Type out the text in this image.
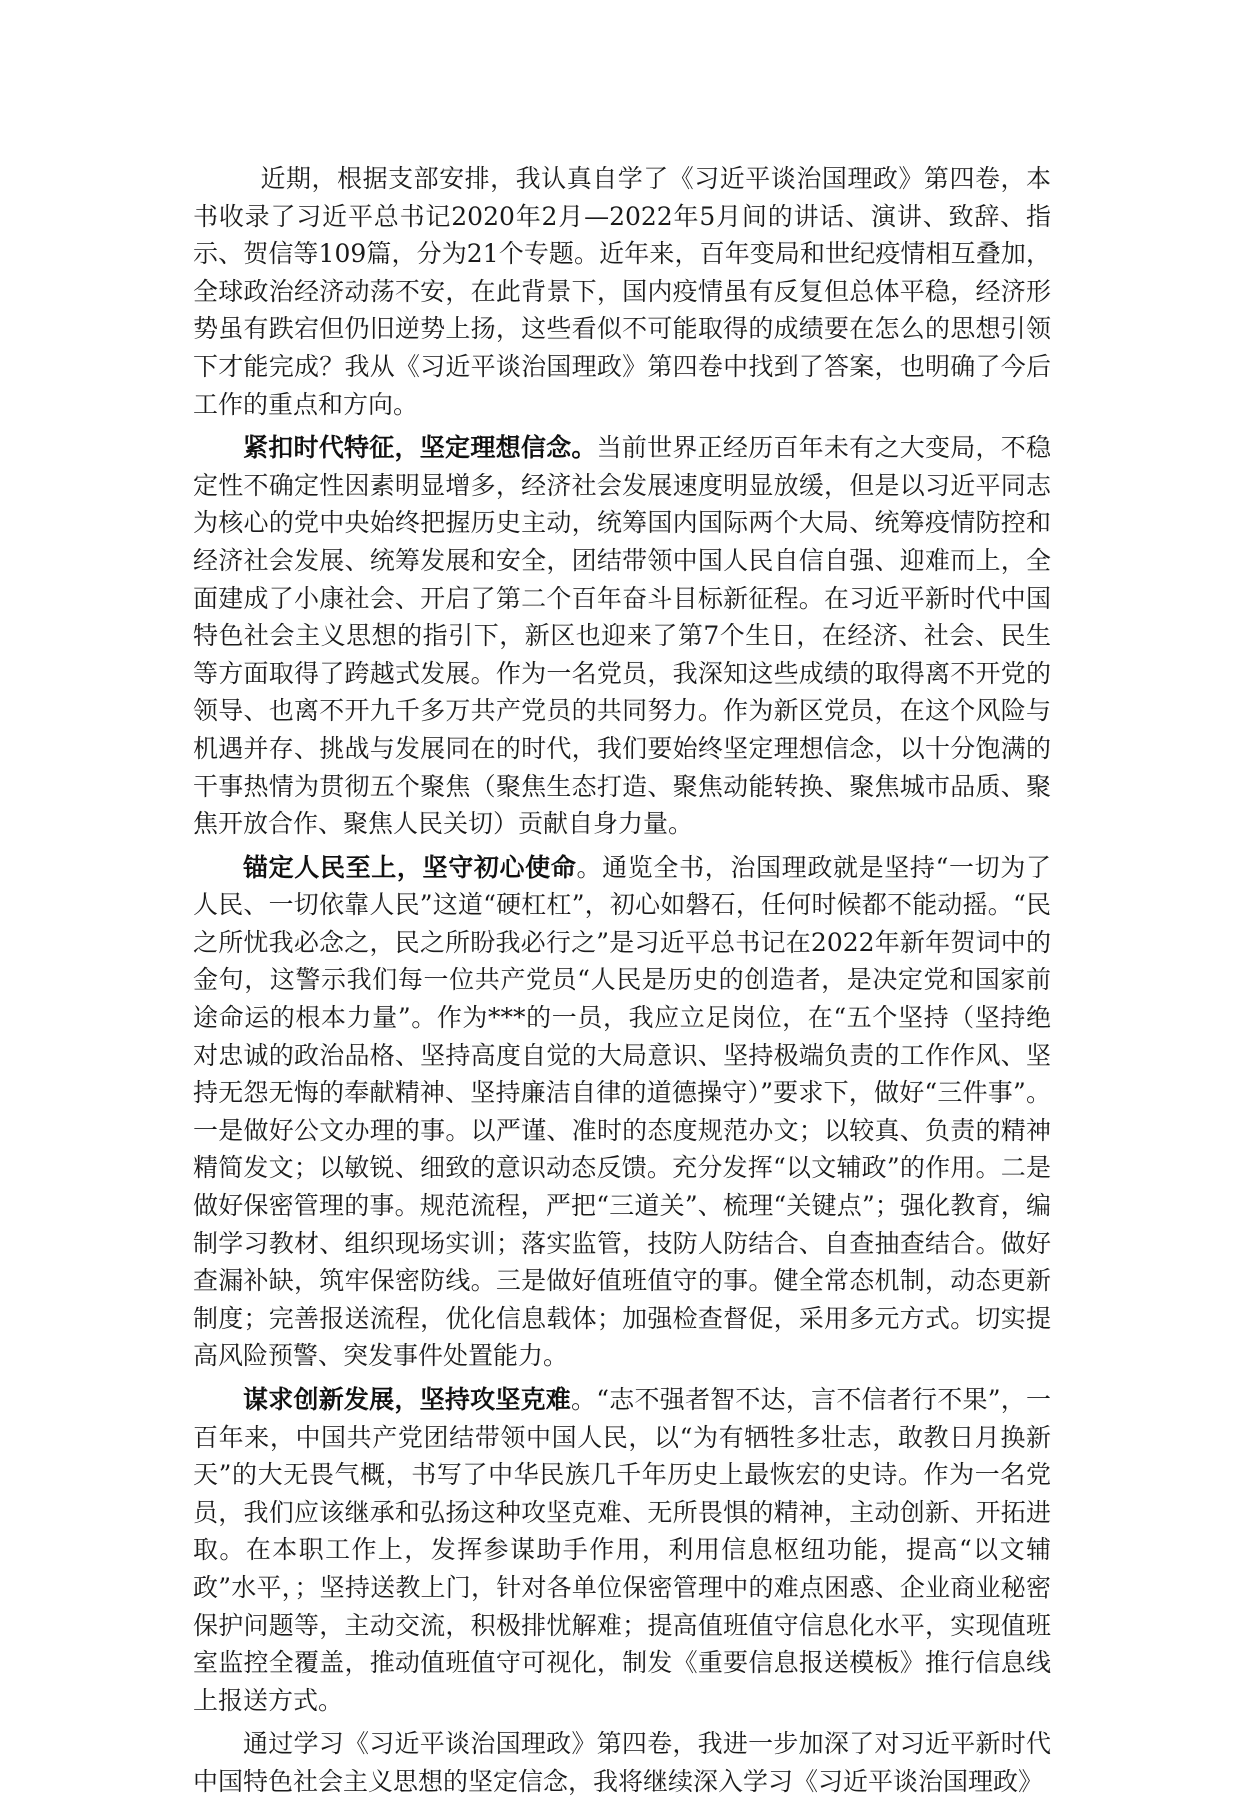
近期，根据支部安排，我认真自学了《习近平谈治国理政》第四卷，本书收录了习近平总书记2020年2月—2022年5月间的讲话、演讲、致辞、指示、贺信等109篇，分为21个专题。近年来，百年变局和世纪疫情相互叠加，全球政治经济动荡不安，在此背景下，国内疫情虽有反复但总体平稳，经济形势虽有跌宕但仍旧逆势上扬，这些看似不可能取得的成绩要在怎么的思想引领下才能完成？我从《习近平谈治国理政》第四卷中找到了答案，也明确了今后工作的重点和方向。

紧扣时代特征，坚定理想信念。当前世界正经历百年未有之大变局，不稳定性不确定性因素明显增多，经济社会发展速度明显放缓，但是以习近平同志为核心的党中央始终把握历史主动，统筹国内国际两个大局、统筹疫情防控和经济社会发展、统筹发展和安全，团结带领中国人民自信自强、迎难而上，全面建成了小康社会、开启了第二个百年奋斗目标新征程。在习近平新时代中国特色社会主义思想的指引下，新区也迎来了第7个生日，在经济、社会、民生等方面取得了跨越式发展。作为一名党员，我深知这些成绩的取得离不开党的领导、也离不开九千多万共产党员的共同努力。作为新区党员，在这个风险与机遇并存、挑战与发展同在的时代，我们要始终坚定理想信念，以十分饱满的干事热情为贯彻五个聚焦（聚焦生态打造、聚焦动能转换、聚焦城市品质、聚焦开放合作、聚焦人民关切）贡献自身力量。

锚定人民至上，坚守初心使命。通览全书，治国理政就是坚持“一切为了人民、一切依靠人民”这道“硬杠杠”，初心如磐石，任何时候都不能动摇。“民之所忧我必念之，民之所盼我必行之”是习近平总书记在2022年新年贺词中的金句，这警示我们每一位共产党员“人民是历史的创造者，是决定党和国家前途命运的根本力量”。作为***的一员，我应立足岗位，在“五个坚持（坚持绝对忠诚的政治品格、坚持高度自觉的大局意识、坚持极端负责的工作作风、坚持无怨无悔的奉献精神、坚持廉洁自律的道德操守）”要求下，做好“三件事”。一是做好公文办理的事。以严谨、准时的态度规范办文；以较真、负责的精神精简发文；以敏锐、细致的意识动态反馈。充分发挥“以文辅政”的作用。二是做好保密管理的事。规范流程，严把“三道关”、梳理“关键点”；强化教育，编制学习教材、组织现场实训；落实监管，技防人防结合、自查抽查结合。做好查漏补缺，筑牢保密防线。三是做好值班值守的事。健全常态机制，动态更新制度；完善报送流程，优化信息载体；加强检查督促，采用多元方式。切实提高风险预警、突发事件处置能力。

谋求创新发展，坚持攻坚克难。“志不强者智不达，言不信者行不果”，一百年来，中国共产党团结带领中国人民，以“为有牺牲多壮志，敢教日月换新天”的大无畏气概，书写了中华民族几千年历史上最恢宏的史诗。作为一名党员，我们应该继承和弘扬这种攻坚克难、无所畏惧的精神，主动创新、开拓进取。在本职工作上，发挥参谋助手作用，利用信息枢纽功能，提高“以文辅政”水平，；坚持送教上门，针对各单位保密管理中的难点困惑、企业商业秘密保护问题等，主动交流，积极排忧解难；提高值班值守信息化水平，实现值班室监控全覆盖，推动值班值守可视化，制发《重要信息报送模板》推行信息线上报送方式。

通过学习《习近平谈治国理政》第四卷，我进一步加深了对习近平新时代中国特色社会主义思想的坚定信念，我将继续深入学习《习近平谈治国理政》
